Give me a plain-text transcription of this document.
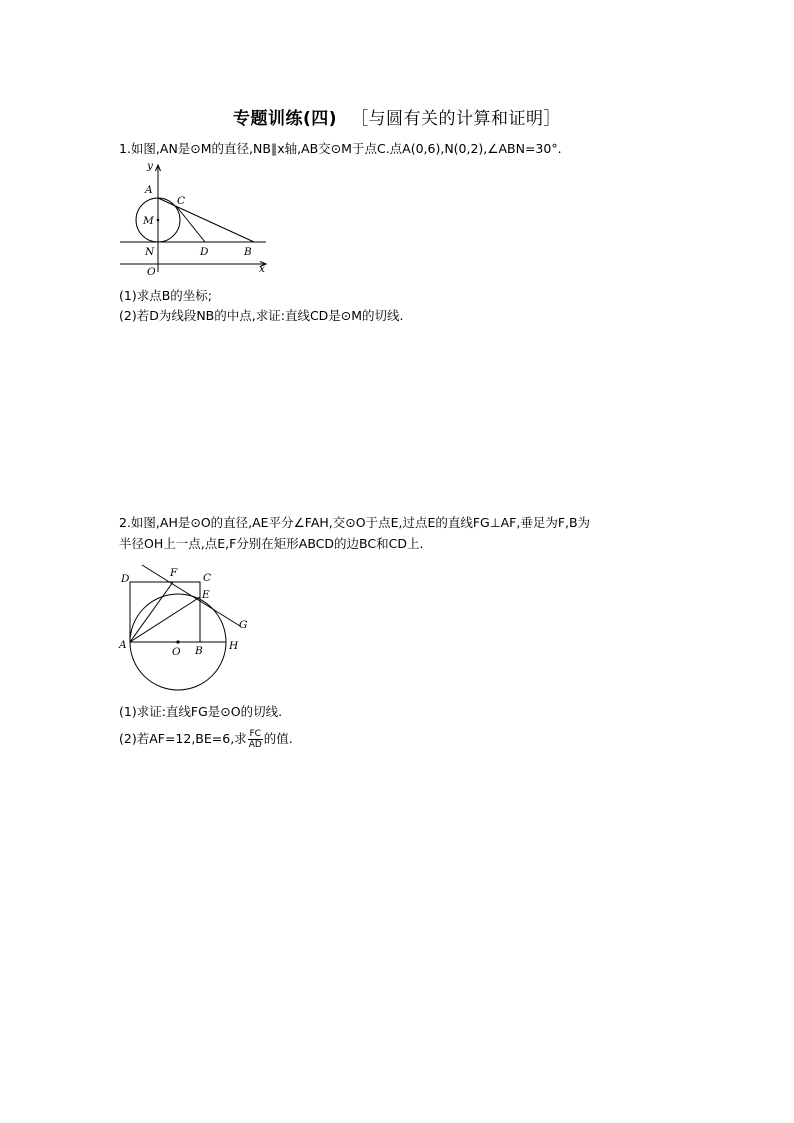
专题训练(四) ［与圆有关的计算和证明］
1.如图,AN是⊙M的直径,NB∥x轴,AB交⊙M于点C.点A(0,6),N(0,2),∠ABN=30°.
y
x
A
C
M
N	D	B
O
(1)求点B的坐标;
(2)若D为线段NB的中点,求证:直线CD是⊙M的切线.
2.如图,AH是⊙O的直径,AE平分∠FAH,交⊙O于点E,过点E的直线FG⊥AF,垂足为F,B为
半径OH上一点,点E,F分别在矩形ABCD的边BC和CD上.
D	F C
E
G
A
O B	H
(1)求证:直线FG是⊙O的切线.
(2)若AF=12,BE=6,求 $\frac{FC}{AD}$ 的值.
